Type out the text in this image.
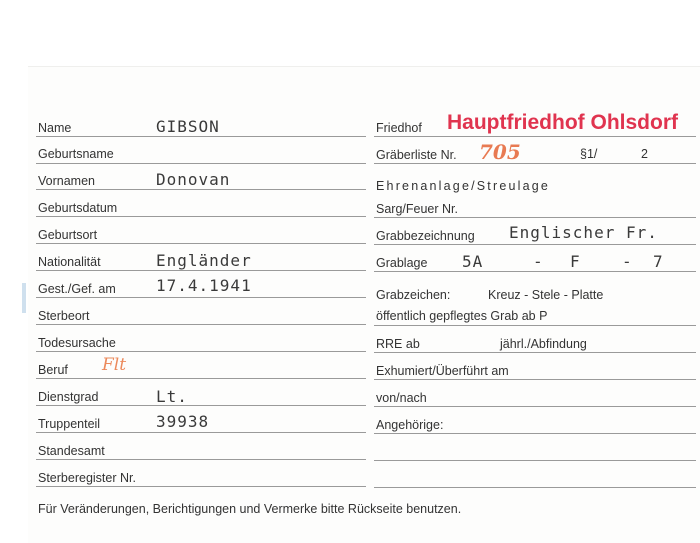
Name	GIBSON
Geburtsname
Vornamen	Donovan
Geburtsdatum
Geburtsort
Nationalität	Engländer
Gest./Gef. am	17.4.1941
Sterbeort
Todesursache
Beruf Flt
Dienstgrad	Lt.
Truppenteil	39938
Standesamt
Sterberegister Nr.
Friedhof Hauptfriedhof Ohlsdorf
Gräberliste Nr. 705	§1/	2
Ehrenanlage/Streulage
Sarg/Feuer Nr.
Grabbezeichnung Englischer Fr.
Grablage 5A	- F	- 7
Grabzeichen:	Kreuz - Stele - Platte
öffentlich gepflegtes Grab ab P
RRE ab	jährl./Abfindung
Exhumiert/Überführt am
von/nach
Angehörige:
Für Veränderungen, Berichtigungen und Vermerke bitte Rückseite benutzen.
